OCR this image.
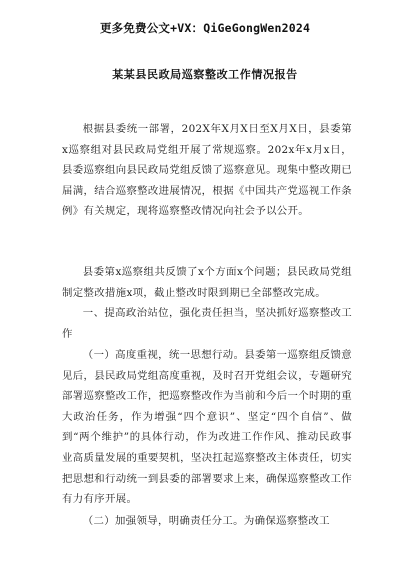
更多免费公文+VX：QiGeGongWen2024
某某县民政局巡察整改工作情况报告

根据县委统一部署，202X年X月X日至X月X日，县委第x巡察组对县民政局党组开展了常规巡察。202x年x月x日，县委巡察组向县民政局党组反馈了巡察意见。现集中整改期已届满，结合巡察整改进展情况，根据《中国共产党巡视工作条例》有关规定，现将巡察整改情况向社会予以公开。

县委第x巡察组共反馈了x个方面x个问题；县民政局党组制定整改措施x项，截止整改时限到期已全部整改完成。

一、提高政治站位，强化责任担当，坚决抓好巡察整改工作

（一）高度重视，统一思想行动。县委第一巡察组反馈意见后，县民政局党组高度重视，及时召开党组会议，专题研究部署巡察整改工作，把巡察整改作为当前和今后一个时期的重大政治任务，作为增强“四个意识”、坚定“四个自信”、做到“两个维护”的具体行动，作为改进工作作风、推动民政事业高质量发展的重要契机，坚决扛起巡察整改主体责任，切实把思想和行动统一到县委的部署要求上来，确保巡察整改工作有力有序开展。

（二）加强领导，明确责任分工。为确保巡察整改工
